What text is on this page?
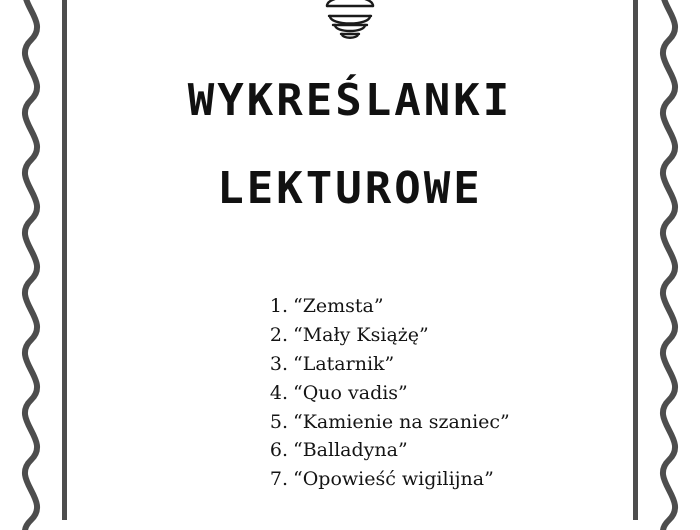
WYKREŚLANKI
LEKTUROWE
1. “Zemsta”
2. “Mały Książę”
3. “Latarnik”
4. “Quo vadis”
5. “Kamienie na szaniec”
6. “Balladyna”
7. “Opowieść wigilijna”
